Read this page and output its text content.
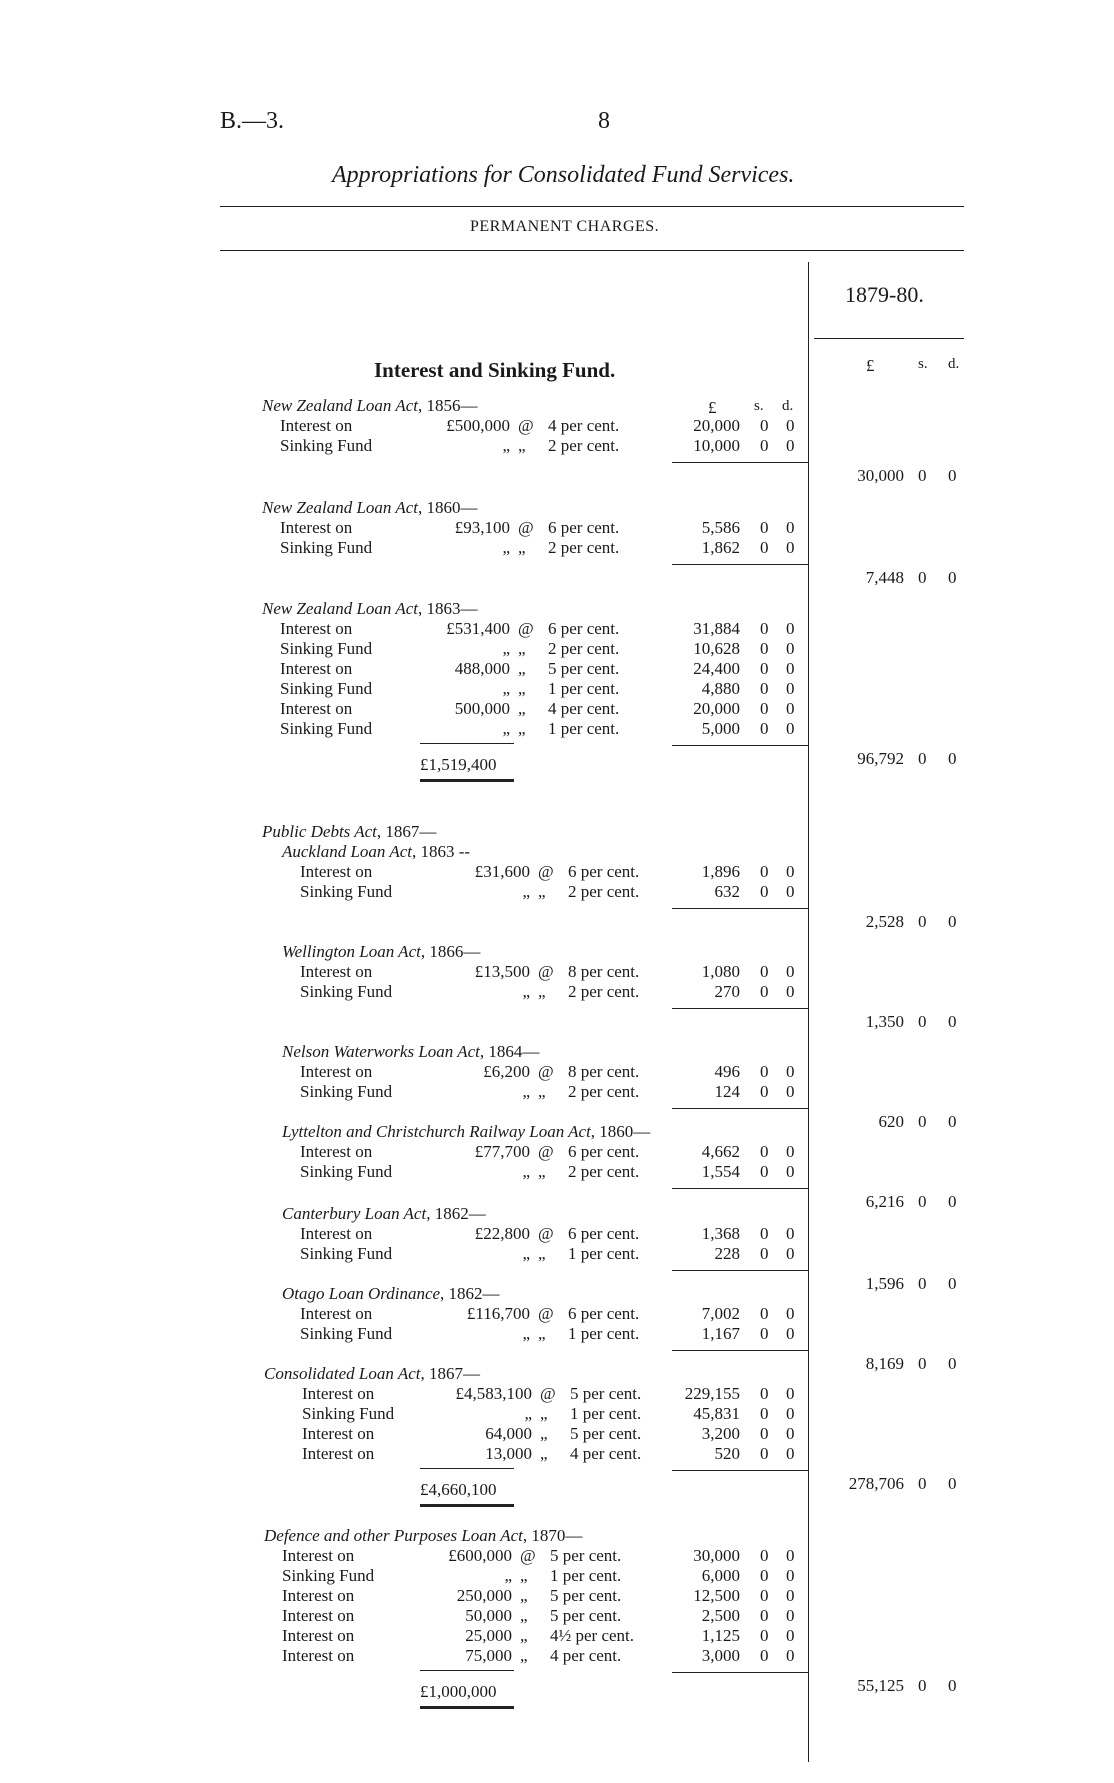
B.—3.	8
Appropriations for Consolidated Fund Services.
PERMANENT CHARGES.
1879-80.
£	s. d.
Interest and Sinking Fund.
£	s. d.
New Zealand Loan Act, 1856—
Interest on	£500,000 @ 4 per cent.	20,000 0 0
Sinking Fund	„ „ 2 per cent.	10,000 0 0
30,000 0 0
New Zealand Loan Act, 1860—
Interest on	£93,100 @ 6 per cent.	5,586 0 0
Sinking Fund	„ „ 2 per cent.	1,862 0 0
7,448 0 0
New Zealand Loan Act, 1863—
Interest on	£531,400 @ 6 per cent.	31,884 0 0
Sinking Fund	„ „ 2 per cent.	10,628 0 0
Interest on	488,000 „ 5 per cent.	24,400 0 0
Sinking Fund	„ „ 1 per cent.	4,880 0 0
Interest on	500,000 „ 4 per cent.	20,000 0 0
Sinking Fund	„ „ 1 per cent.	5,000 0 0
96,792 0 0
£1,519,400
Public Debts Act, 1867—
Auckland Loan Act, 1863 --
Interest on	£31,600 @ 6 per cent.	1,896 0 0
Sinking Fund	„ „ 2 per cent.	632 0 0
2,528 0 0
Wellington Loan Act, 1866—
Interest on	£13,500 @ 8 per cent.	1,080 0 0
Sinking Fund	„ „ 2 per cent.	270 0 0
1,350 0 0
Nelson Waterworks Loan Act, 1864—
Interest on	£6,200 @ 8 per cent.	496 0 0
Sinking Fund	„ „ 2 per cent.	124 0 0
620 0 0
Lyttelton and Christchurch Railway Loan Act, 1860—
Interest on	£77,700 @ 6 per cent.	4,662 0 0
Sinking Fund	„ „ 2 per cent.	1,554 0 0
6,216 0 0
Canterbury Loan Act, 1862—
Interest on	£22,800 @ 6 per cent.	1,368 0 0
Sinking Fund	„ „ 1 per cent.	228 0 0
1,596 0 0
Otago Loan Ordinance, 1862—
Interest on	£116,700 @ 6 per cent.	7,002 0 0
Sinking Fund	„ „ 1 per cent.	1,167 0 0
8,169 0 0
Consolidated Loan Act, 1867—
Interest on	£4,583,100 @ 5 per cent.	229,155 0 0
Sinking Fund	„ „ 1 per cent.	45,831 0 0
Interest on	64,000 „ 5 per cent.	3,200 0 0
Interest on	13,000 „ 4 per cent.	520 0 0
278,706 0 0
£4,660,100
Defence and other Purposes Loan Act, 1870—
Interest on	£600,000 @ 5 per cent.	30,000 0 0
Sinking Fund	„ „ 1 per cent.	6,000 0 0
Interest on	250,000 „ 5 per cent.	12,500 0 0
Interest on	50,000 „ 5 per cent.	2,500 0 0
Interest on	25,000 „ 4½ per cent.	1,125 0 0
Interest on	75,000 „ 4 per cent.	3,000 0 0
55,125 0 0
£1,000,000
